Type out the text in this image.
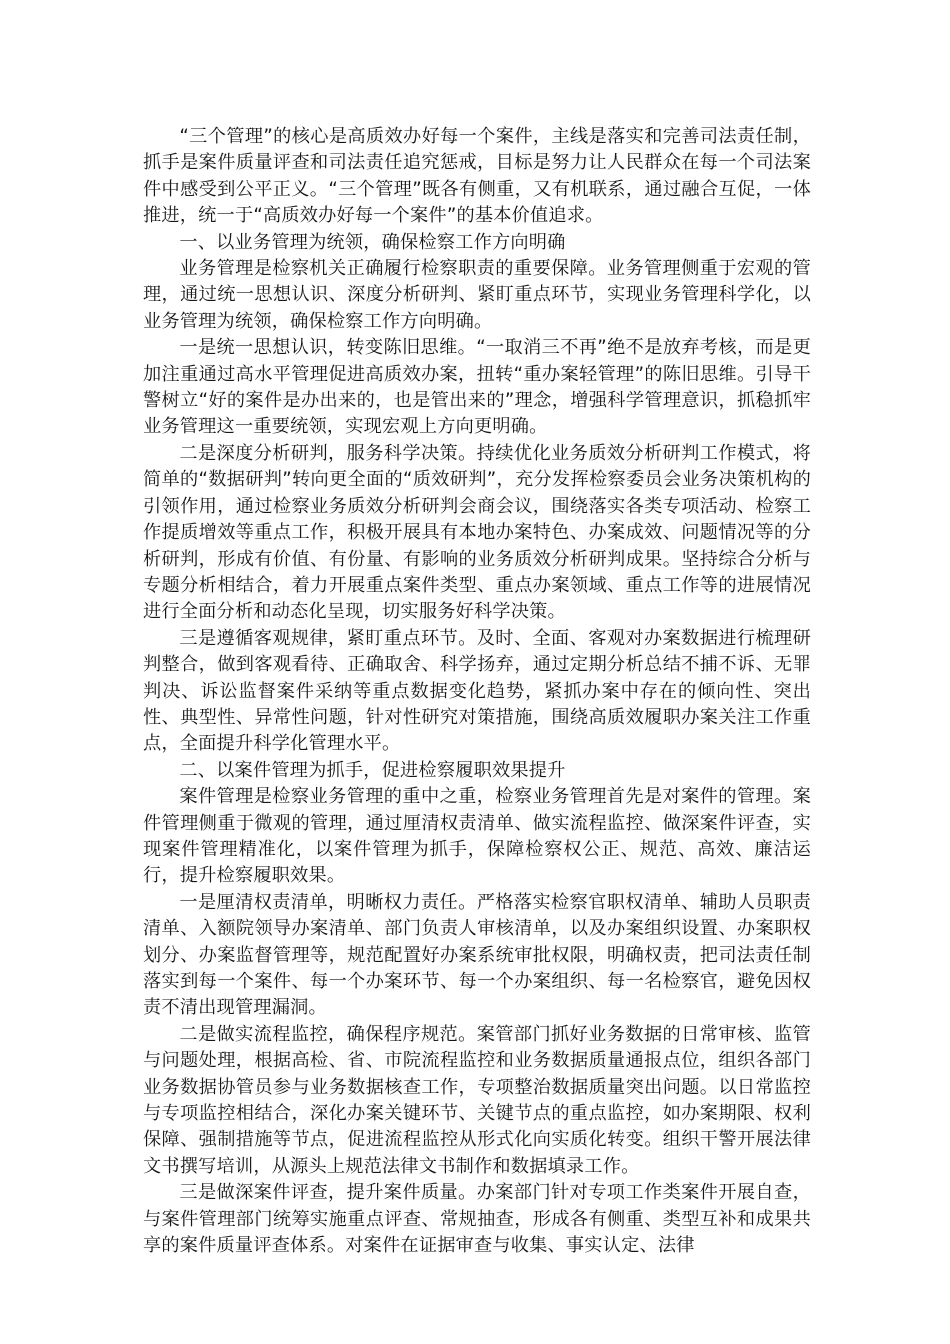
“三个管理”的核心是高质效办好每一个案件，主线是落实和完善司法责任制，抓手是案件质量评查和司法责任追究惩戒，目标是努力让人民群众在每一个司法案件中感受到公平正义。“三个管理”既各有侧重，又有机联系，通过融合互促，一体推进，统一于“高质效办好每一个案件”的基本价值追求。

一、以业务管理为统领，确保检察工作方向明确

业务管理是检察机关正确履行检察职责的重要保障。业务管理侧重于宏观的管理，通过统一思想认识、深度分析研判、紧盯重点环节，实现业务管理科学化，以业务管理为统领，确保检察工作方向明确。

一是统一思想认识，转变陈旧思维。“一取消三不再”绝不是放弃考核，而是更加注重通过高水平管理促进高质效办案，扭转“重办案轻管理”的陈旧思维。引导干警树立“好的案件是办出来的，也是管出来的”理念，增强科学管理意识，抓稳抓牢业务管理这一重要统领，实现宏观上方向更明确。

二是深度分析研判，服务科学决策。持续优化业务质效分析研判工作模式，将简单的“数据研判”转向更全面的“质效研判”，充分发挥检察委员会业务决策机构的引领作用，通过检察业务质效分析研判会商会议，围绕落实各类专项活动、检察工作提质增效等重点工作，积极开展具有本地办案特色、办案成效、问题情况等的分析研判，形成有价值、有份量、有影响的业务质效分析研判成果。坚持综合分析与专题分析相结合，着力开展重点案件类型、重点办案领域、重点工作等的进展情况进行全面分析和动态化呈现，切实服务好科学决策。

三是遵循客观规律，紧盯重点环节。及时、全面、客观对办案数据进行梳理研判整合，做到客观看待、正确取舍、科学扬弃，通过定期分析总结不捕不诉、无罪判决、诉讼监督案件采纳等重点数据变化趋势，紧抓办案中存在的倾向性、突出性、典型性、异常性问题，针对性研究对策措施，围绕高质效履职办案关注工作重点，全面提升科学化管理水平。

二、以案件管理为抓手，促进检察履职效果提升

案件管理是检察业务管理的重中之重，检察业务管理首先是对案件的管理。案件管理侧重于微观的管理，通过厘清权责清单、做实流程监控、做深案件评查，实现案件管理精准化，以案件管理为抓手，保障检察权公正、规范、高效、廉洁运行，提升检察履职效果。

一是厘清权责清单，明晰权力责任。严格落实检察官职权清单、辅助人员职责清单、入额院领导办案清单、部门负责人审核清单，以及办案组织设置、办案职权划分、办案监督管理等，规范配置好办案系统审批权限，明确权责，把司法责任制落实到每一个案件、每一个办案环节、每一个办案组织、每一名检察官，避免因权责不清出现管理漏洞。

二是做实流程监控，确保程序规范。案管部门抓好业务数据的日常审核、监管与问题处理，根据高检、省、市院流程监控和业务数据质量通报点位，组织各部门业务数据协管员参与业务数据核查工作，专项整治数据质量突出问题。以日常监控与专项监控相结合，深化办案关键环节、关键节点的重点监控，如办案期限、权利保障、强制措施等节点，促进流程监控从形式化向实质化转变。组织干警开展法律文书撰写培训，从源头上规范法律文书制作和数据填录工作。

三是做深案件评查，提升案件质量。办案部门针对专项工作类案件开展自查，与案件管理部门统筹实施重点评查、常规抽查，形成各有侧重、类型互补和成果共享的案件质量评查体系。对案件在证据审查与收集、事实认定、法律
